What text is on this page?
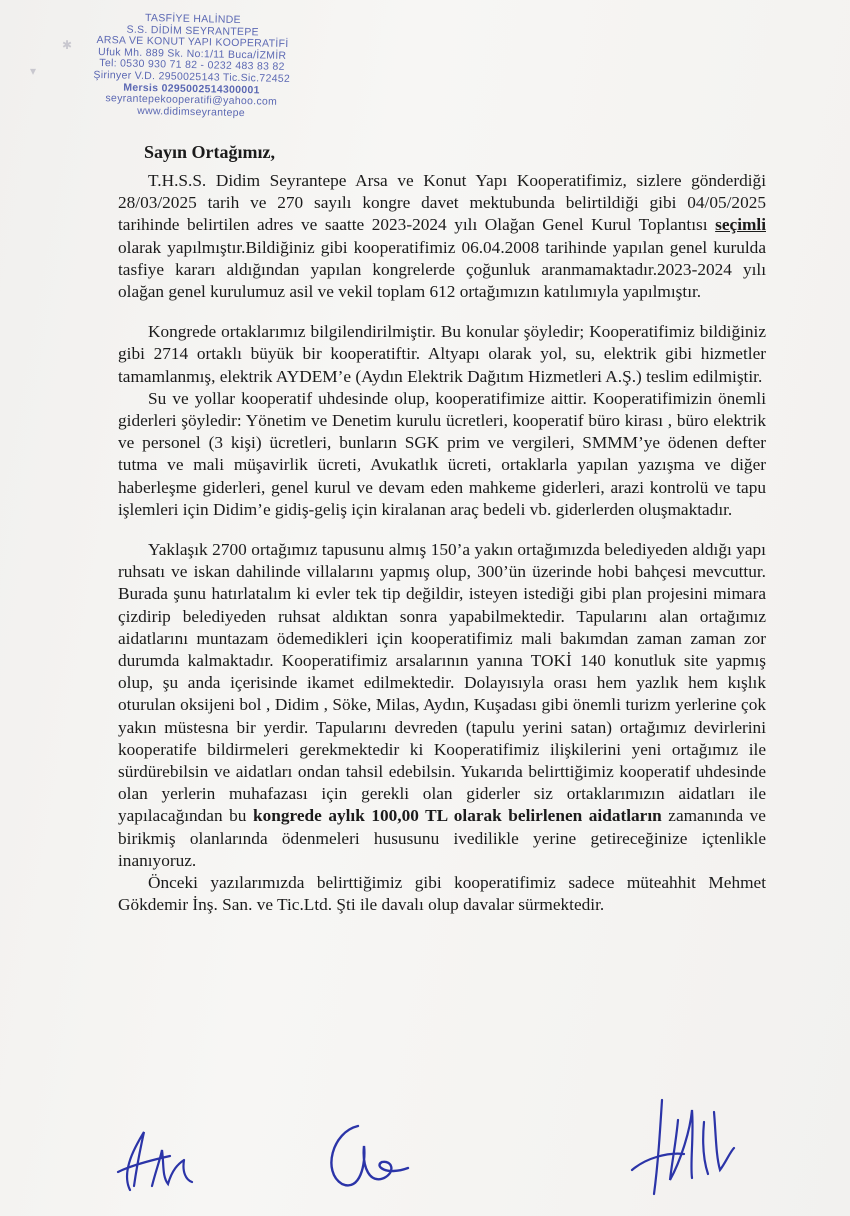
✱
▾
TASFİYE HALİNDE
S.S. DİDİM SEYRANTEPE
ARSA VE KONUT YAPI KOOPERATİFİ
Ufuk Mh. 889 Sk. No:1/11 Buca/İZMİR
Tel: 0530 930 71 82 - 0232 483 83 82
Şirinyer V.D. 2950025143 Tic.Sic.72452
Mersis 0295002514300001
seyrantepekooperatifi@yahoo.com
www.didimseyrantepe
Sayın Ortağımız,

T.H.S.S. Didim Seyrantepe Arsa ve Konut Yapı Kooperatifimiz, sizlere gönderdiği 28/03/2025 tarih ve 270 sayılı kongre davet mektubunda belirtildiği gibi 04/05/2025 tarihinde belirtilen adres ve saatte 2023-2024 yılı Olağan Genel Kurul Toplantısı seçimli olarak yapılmıştır.Bildiğiniz gibi kooperatifimiz 06.04.2008 tarihinde yapılan genel kurulda tasfiye kararı aldığından yapılan kongrelerde çoğunluk aranmamaktadır.2023-2024 yılı olağan genel kurulumuz asil ve vekil toplam 612 ortağımızın katılımıyla yapılmıştır.

Kongrede ortaklarımız bilgilendirilmiştir. Bu konular şöyledir; Kooperatifimiz bildiğiniz gibi 2714 ortaklı büyük bir kooperatiftir. Altyapı olarak yol, su, elektrik gibi hizmetler tamamlanmış, elektrik AYDEM’e (Aydın Elektrik Dağıtım Hizmetleri A.Ş.) teslim edilmiştir.

Su ve yollar kooperatif uhdesinde olup, kooperatifimize aittir. Kooperatifimizin önemli giderleri şöyledir: Yönetim ve Denetim kurulu ücretleri, kooperatif büro kirası , büro elektrik ve personel (3 kişi) ücretleri, bunların SGK prim ve vergileri, SMMM’ye ödenen defter tutma ve mali müşavirlik ücreti, Avukatlık ücreti, ortaklarla yapılan yazışma ve diğer haberleşme giderleri, genel kurul ve devam eden mahkeme giderleri, arazi kontrolü ve tapu işlemleri için Didim’e gidiş-geliş için kiralanan araç bedeli vb. giderlerden oluşmaktadır.

Yaklaşık 2700 ortağımız tapusunu almış 150’a yakın ortağımızda belediyeden aldığı yapı ruhsatı ve iskan dahilinde villalarını yapmış olup, 300’ün üzerinde hobi bahçesi mevcuttur. Burada şunu hatırlatalım ki evler tek tip değildir, isteyen istediği gibi plan projesini mimara çizdirip belediyeden ruhsat aldıktan sonra yapabilmektedir. Tapularını alan ortağımız aidatlarını muntazam ödemedikleri için kooperatifimiz mali bakımdan zaman zaman zor durumda kalmaktadır. Kooperatifimiz arsalarının yanına TOKİ 140 konutluk site yapmış olup, şu anda içerisinde ikamet edilmektedir. Dolayısıyla orası hem yazlık hem kışlık oturulan oksijeni bol , Didim , Söke, Milas, Aydın, Kuşadası gibi önemli turizm yerlerine çok yakın müstesna bir yerdir. Tapularını devreden (tapulu yerini satan) ortağımız devirlerini kooperatife bildirmeleri gerekmektedir ki Kooperatifimiz ilişkilerini yeni ortağımız ile sürdürebilsin ve aidatları ondan tahsil edebilsin. Yukarıda belirttiğimiz kooperatif uhdesinde olan yerlerin muhafazası için gerekli olan giderler siz ortaklarımızın aidatları ile yapılacağından bu kongrede aylık 100,00 TL olarak belirlenen aidatların zamanında ve birikmiş olanlarında ödenmeleri hususunu ivedilikle yerine getireceğinize içtenlikle inanıyoruz.

Önceki yazılarımızda belirttiğimiz gibi kooperatifimiz sadece müteahhit Mehmet Gökdemir İnş. San. ve Tic.Ltd. Şti ile davalı olup davalar sürmektedir.
